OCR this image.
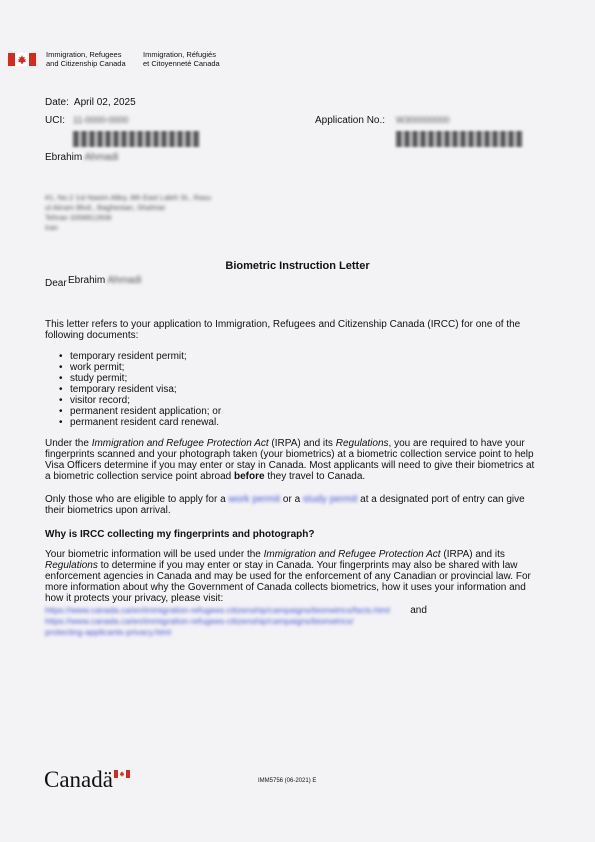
Immigration, Refugees
and Citizenship Canada
Immigration, Réfugiés
et Citoyenneté Canada
Date: April 02, 2025
UCI: 11-0000-0000	Application No.: W300000000
Ebrahim Ahmadi
#1, No.2 1st Nasim Alley, 8th East Laleh St., Rasu
ul Akram Blvd., Baghestan, Shahriar
Tehran 3358812836
Iran
Biometric Instruction Letter
Dear Ebrahim Ahmadi
This letter refers to your application to Immigration, Refugees and Citizenship Canada (IRCC) for one of the
following documents:
• temporary resident permit;
• work permit;
• study permit;
• temporary resident visa;
• visitor record;
• permanent resident application; or
• permanent resident card renewal.
Under the Immigration and Refugee Protection Act (IRPA) and its Regulations, you are required to have your
fingerprints scanned and your photograph taken (your biometrics) at a biometric collection service point to help
Visa Officers determine if you may enter or stay in Canada. Most applicants will need to give their biometrics at
a biometric collection service point abroad before they travel to Canada.
Only those who are eligible to apply for a work permit or a study permit at a designated port of entry can give
their biometrics upon arrival.
Why is IRCC collecting my fingerprints and photograph?
Your biometric information will be used under the Immigration and Refugee Protection Act (IRPA) and its
Regulations to determine if you may enter or stay in Canada. Your fingerprints may also be shared with law
enforcement agencies in Canada and may be used for the enforcement of any Canadian or provincial law. For
more information about why the Government of Canada collects biometrics, how it uses your information and
how it protects your privacy, please visit:
https://www.canada.ca/en/immigration-refugees-citizenship/campaigns/biometrics/facts.html and
https://www.canada.ca/en/immigration-refugees-citizenship/campaigns/biometrics/
protecting-applicants-privacy.html
Canadä	IMM5756 (06-2021) E
